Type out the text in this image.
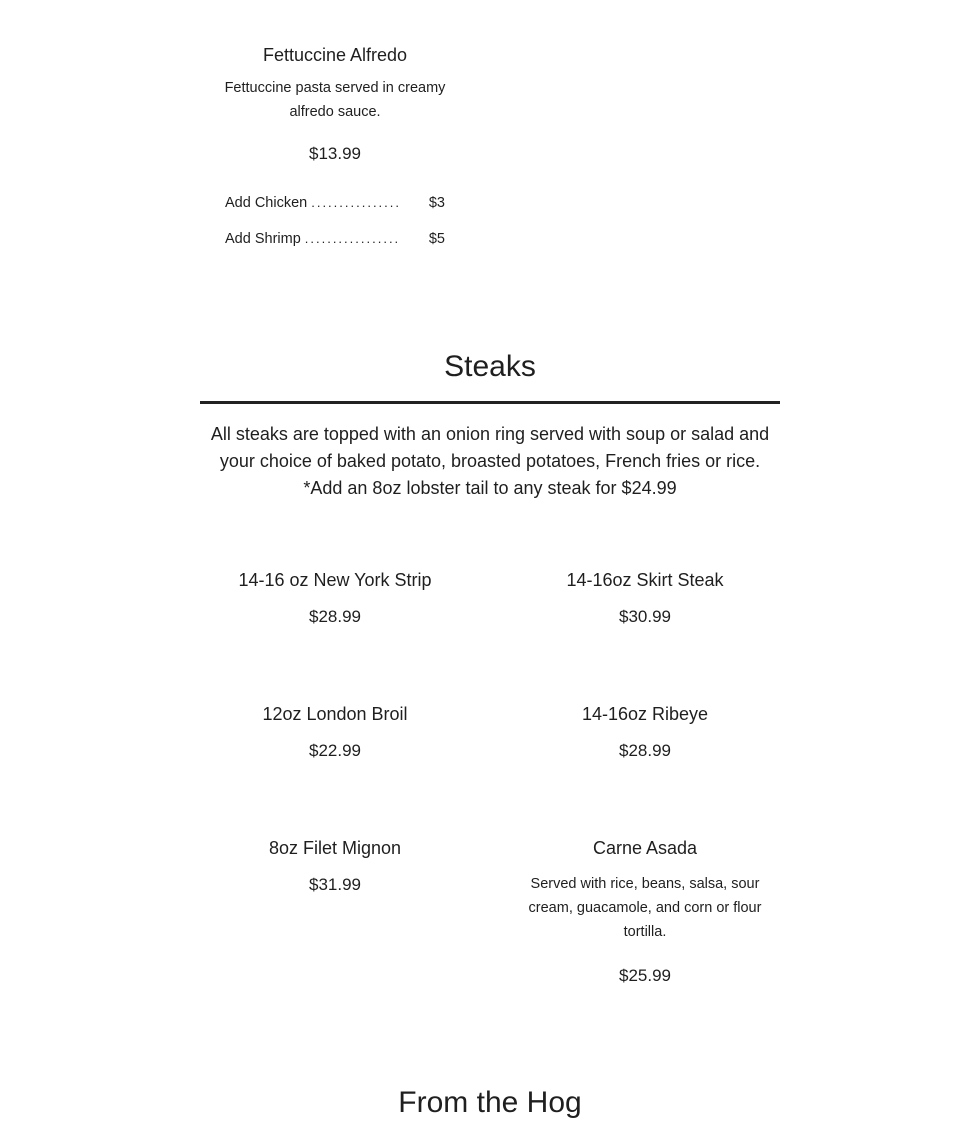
Fettuccine Alfredo

Fettuccine pasta served in creamy alfredo sauce.

$13.99

Add Chicken ................	$3
Add Shrimp .................	$5
Steaks
All steaks are topped with an onion ring served with soup or salad and
your choice of baked potato, broasted potatoes, French fries or rice.
*Add an 8oz lobster tail to any steak for $24.99
14-16 oz New York Strip

$28.99

14-16oz Skirt Steak

$30.99

12oz London Broil

$22.99

14-16oz Ribeye

$28.99

8oz Filet Mignon

$31.99

Carne Asada

Served with rice, beans, salsa, sour cream, guacamole, and corn or flour tortilla.

$25.99

From the Hog
